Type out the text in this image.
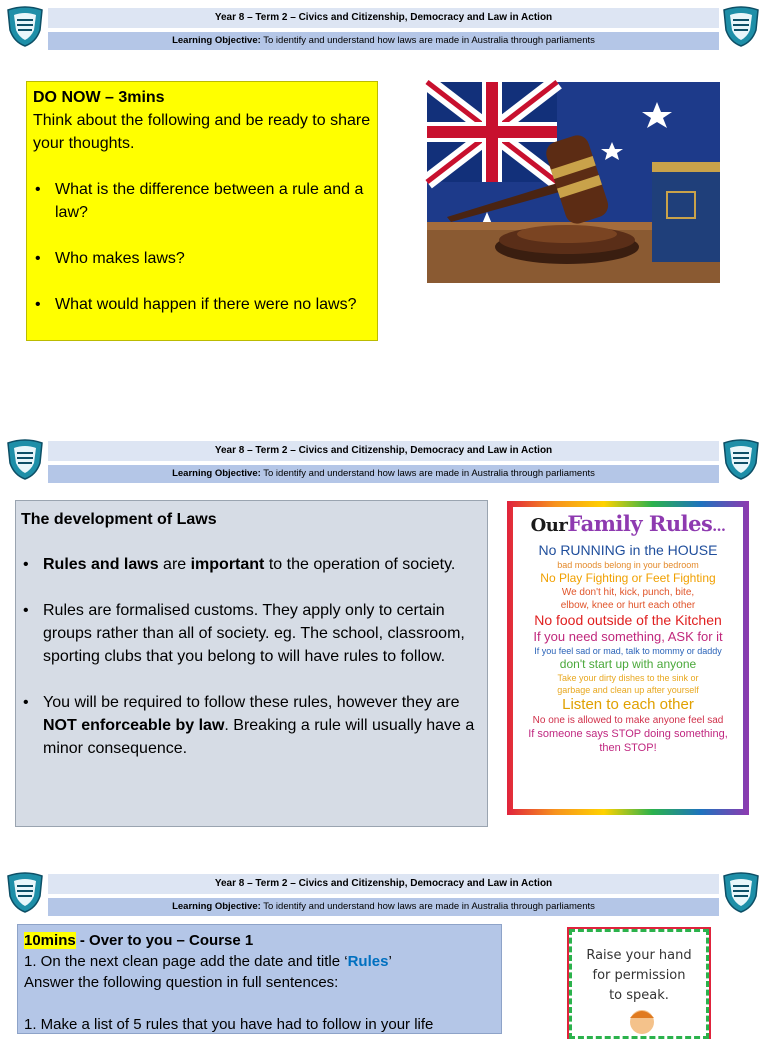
Year 8 – Term 2 – Civics and Citizenship, Democracy and Law in Action
Learning Objective: To identify and understand how laws are made in Australia through parliaments
DO NOW – 3mins
Think about the following and be ready to share your thoughts.
• What is the difference between a rule and a law?
• Who makes laws?
• What would happen if there were no laws?
Year 8 – Term 2 – Civics and Citizenship, Democracy and Law in Action
Learning Objective: To identify and understand how laws are made in Australia through parliaments
The development of Laws
• Rules and laws are important to the operation of society.
• Rules are formalised customs. They apply only to certain groups rather than all of society. eg. The school, classroom, sporting clubs that you belong to will have rules to follow.
• You will be required to follow these rules, however they are NOT enforceable by law. Breaking a rule will usually have a minor consequence.
OurFamily Rules...
No RUNNING in the HOUSE
bad moods belong in your bedroom
No Play Fighting or Feet Fighting
We don't hit, kick, punch, bite,
elbow, knee or hurt each other
No food outside of the Kitchen
If you need something, ASK for it
If you feel sad or mad, talk to mommy or daddy
don't start up with anyone
Take your dirty dishes to the sink or
garbage and clean up after yourself
Listen to each other
No one is allowed to make anyone feel sad
If someone says STOP doing something,
then STOP!
Year 8 – Term 2 – Civics and Citizenship, Democracy and Law in Action
Learning Objective: To identify and understand how laws are made in Australia through parliaments
10mins - Over to you – Course 1
1. On the next clean page add the date and title ‘Rules’
Answer the following question in full sentences:
1. Make a list of 5 rules that you have had to follow in your life
Raise your hand
for permission
to speak.
